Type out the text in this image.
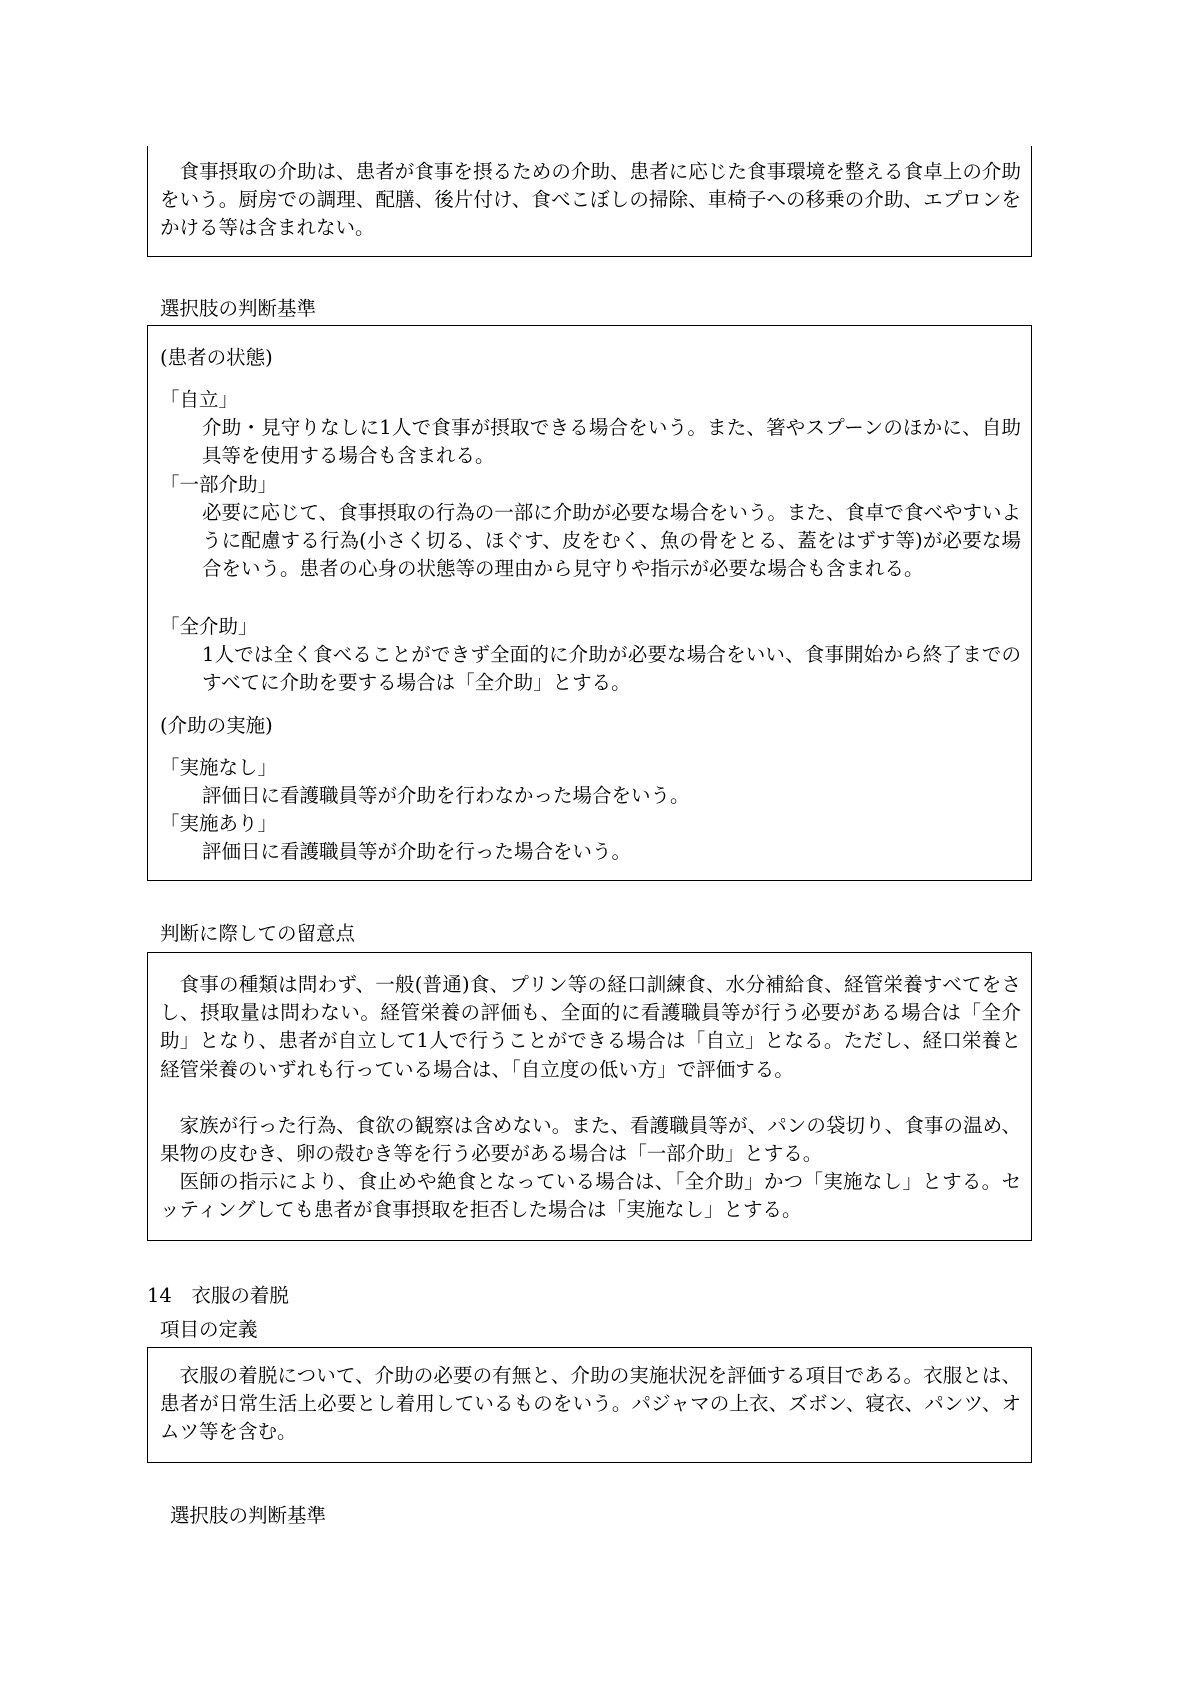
食事摂取の介助は、患者が食事を摂るための介助、患者に応じた食事環境を整える食卓上の介助をいう。厨房での調理、配膳、後片付け、食べこぼしの掃除、車椅子への移乗の介助、エプロンをかける等は含まれない。
選択肢の判断基準
(患者の状態)
「自立」
介助・見守りなしに1人で食事が摂取できる場合をいう。また、箸やスプーンのほかに、自助具等を使用する場合も含まれる。
「一部介助」
必要に応じて、食事摂取の行為の一部に介助が必要な場合をいう。また、食卓で食べやすいように配慮する行為(小さく切る、ほぐす、皮をむく、魚の骨をとる、蓋をはずす等)が必要な場合をいう。患者の心身の状態等の理由から見守りや指示が必要な場合も含まれる。
「全介助」
1人では全く食べることができず全面的に介助が必要な場合をいい、食事開始から終了までのすべてに介助を要する場合は「全介助」とする。
(介助の実施)
「実施なし」
評価日に看護職員等が介助を行わなかった場合をいう。
「実施あり」
評価日に看護職員等が介助を行った場合をいう。
判断に際しての留意点
食事の種類は問わず、一般(普通)食、プリン等の経口訓練食、水分補給食、経管栄養すべてをさし、摂取量は問わない。経管栄養の評価も、全面的に看護職員等が行う必要がある場合は「全介助」となり、患者が自立して1人で行うことができる場合は「自立」となる。ただし、経口栄養と経管栄養のいずれも行っている場合は、「自立度の低い方」で評価する。
家族が行った行為、食欲の観察は含めない。また、看護職員等が、パンの袋切り、食事の温め、果物の皮むき、卵の殻むき等を行う必要がある場合は「一部介助」とする。
医師の指示により、食止めや絶食となっている場合は、「全介助」かつ「実施なし」とする。セッティングしても患者が食事摂取を拒否した場合は「実施なし」とする。
14　衣服の着脱
項目の定義
衣服の着脱について、介助の必要の有無と、介助の実施状況を評価する項目である。衣服とは、患者が日常生活上必要とし着用しているものをいう。パジャマの上衣、ズボン、寝衣、パンツ、オムツ等を含む。
選択肢の判断基準
